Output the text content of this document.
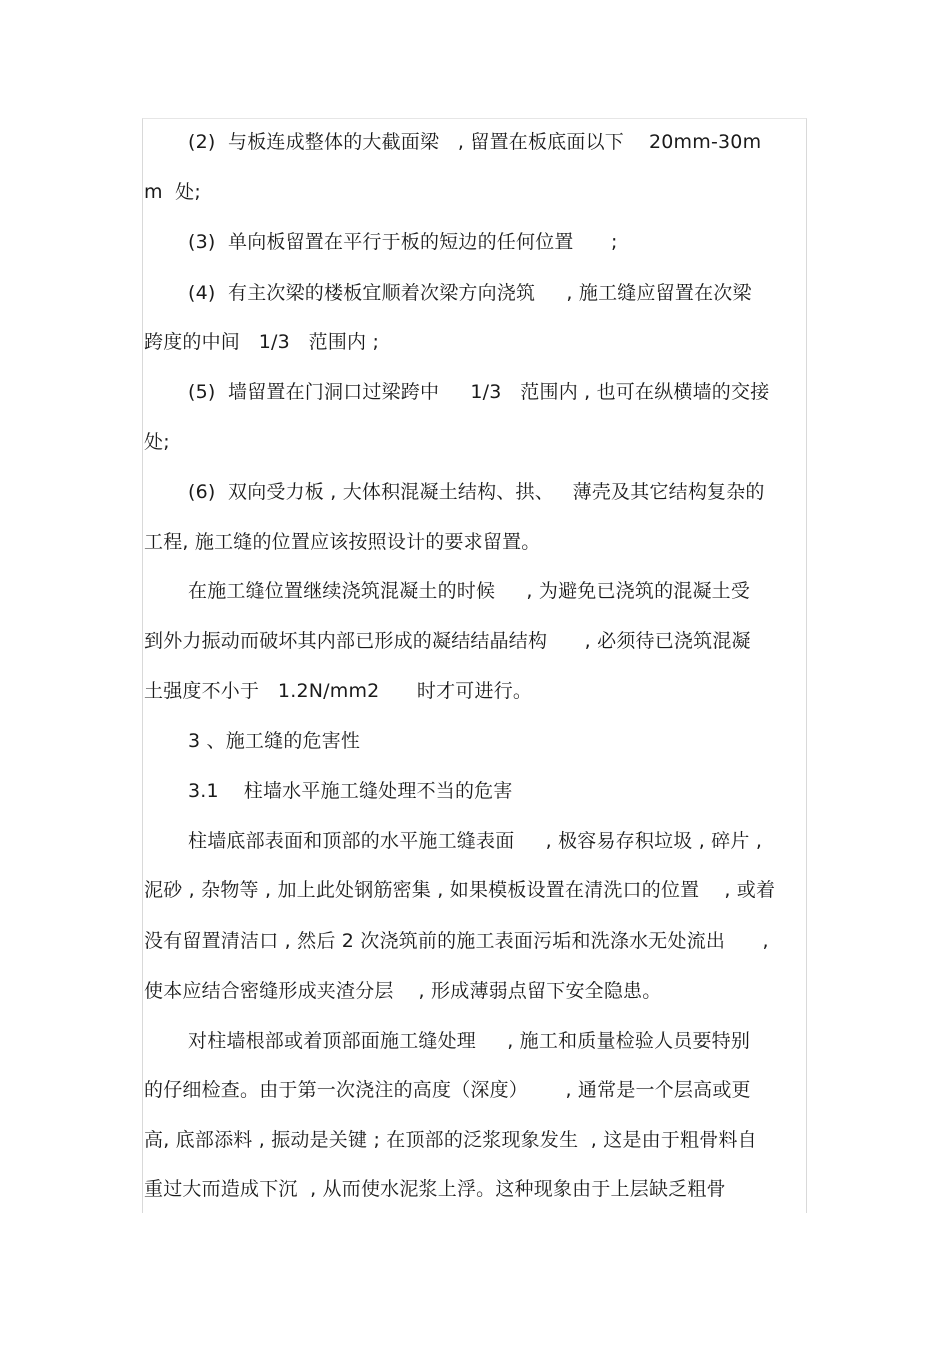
(2)  与板连成整体的大截面梁   , 留置在板底面以下    20mm-30m
m  处;
(3)  单向板留置在平行于板的短边的任何位置      ;
(4)  有主次梁的楼板宜顺着次梁方向浇筑     , 施工缝应留置在次梁
跨度的中间   1/3   范围内 ;
(5)  墙留置在门洞口过梁跨中     1/3   范围内 , 也可在纵横墙的交接
处;
(6)  双向受力板 , 大体积混凝土结构、拱、   薄壳及其它结构复杂的
工程, 施工缝的位置应该按照设计的要求留置。
在施工缝位置继续浇筑混凝土的时候     , 为避免已浇筑的混凝土受
到外力振动而破坏其内部已形成的凝结结晶结构      , 必须待已浇筑混凝
土强度不小于   1.2N/mm2      时才可进行。
3 、施工缝的危害性
3.1    柱墙水平施工缝处理不当的危害
柱墙底部表面和顶部的水平施工缝表面     , 极容易存积垃圾 , 碎片 ,
泥砂 , 杂物等 , 加上此处钢筋密集 , 如果模板设置在清洗口的位置    , 或着
没有留置清洁口 , 然后 2 次浇筑前的施工表面污垢和洗涤水无处流出      ,
使本应结合密缝形成夹渣分层    , 形成薄弱点留下安全隐患。
对柱墙根部或着顶部面施工缝处理     , 施工和质量检验人员要特别
的仔细检查。由于第一次浇注的高度（深度）      , 通常是一个层高或更
高, 底部添料 , 振动是关键 ; 在顶部的泛浆现象发生  , 这是由于粗骨料自
重过大而造成下沉  , 从而使水泥浆上浮。这种现象由于上层缺乏粗骨
